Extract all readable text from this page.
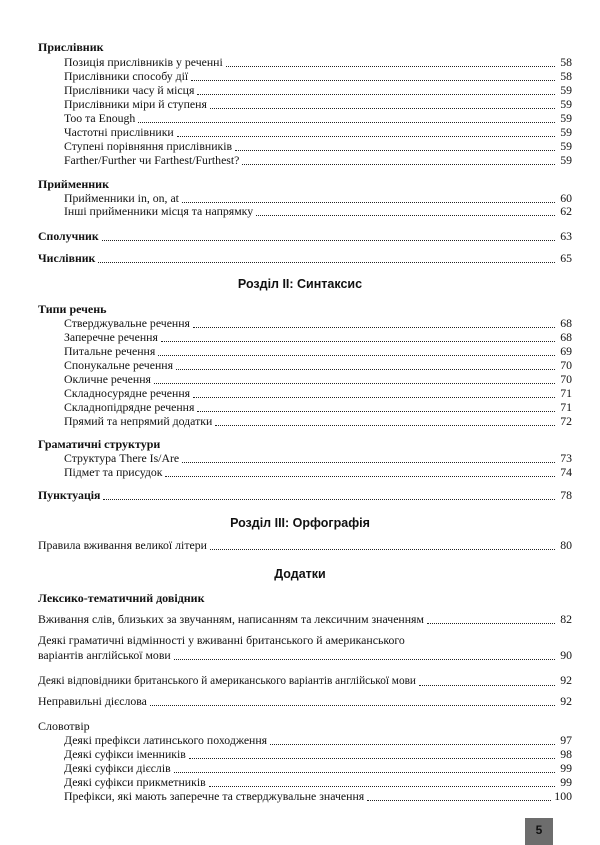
Прислівник
Позиція прислівників у реченні	58
Прислівники способу дії	58
Прислівники часу й місця	59
Прислівники міри й ступеня	59
Too та Enough	59
Частотні прислівники	59
Ступені порівняння прислівників	59
Farther/Further чи Farthest/Furthest?	59
Прийменник
Прийменники in, on, at	60
Інші прийменники місця та напрямку	62
Сполучник	63
Числівник	65
Розділ II: Синтаксис
Типи речень
Стверджувальне речення	68
Заперечне речення	68
Питальне речення	69
Спонукальне речення	70
Окличне речення	70
Складносурядне речення	71
Складнопідрядне речення	71
Прямий та непрямий додатки	72
Граматичні структури
Структура There Is/Are	73
Підмет та присудок	74
Пунктуація	78
Розділ III: Орфографія
Правила вживання великої літери	80
Додатки
Лексико-тематичний довідник
Вживання слів, близьких за звучанням, написанням та лексичним значенням	82
Деякі граматичні відмінності у вживанні британського й американського
варіантів англійської мови	90
Деякі відповідники британського й американського варіантів англійської мови	92
Неправильні дієслова	92
Словотвір
Деякі префікси латинського походження	97
Деякі суфікси іменників	98
Деякі суфікси дієслів	99
Деякі суфікси прикметників	99
Префікси, які мають заперечне та стверджувальне значення	100
5
